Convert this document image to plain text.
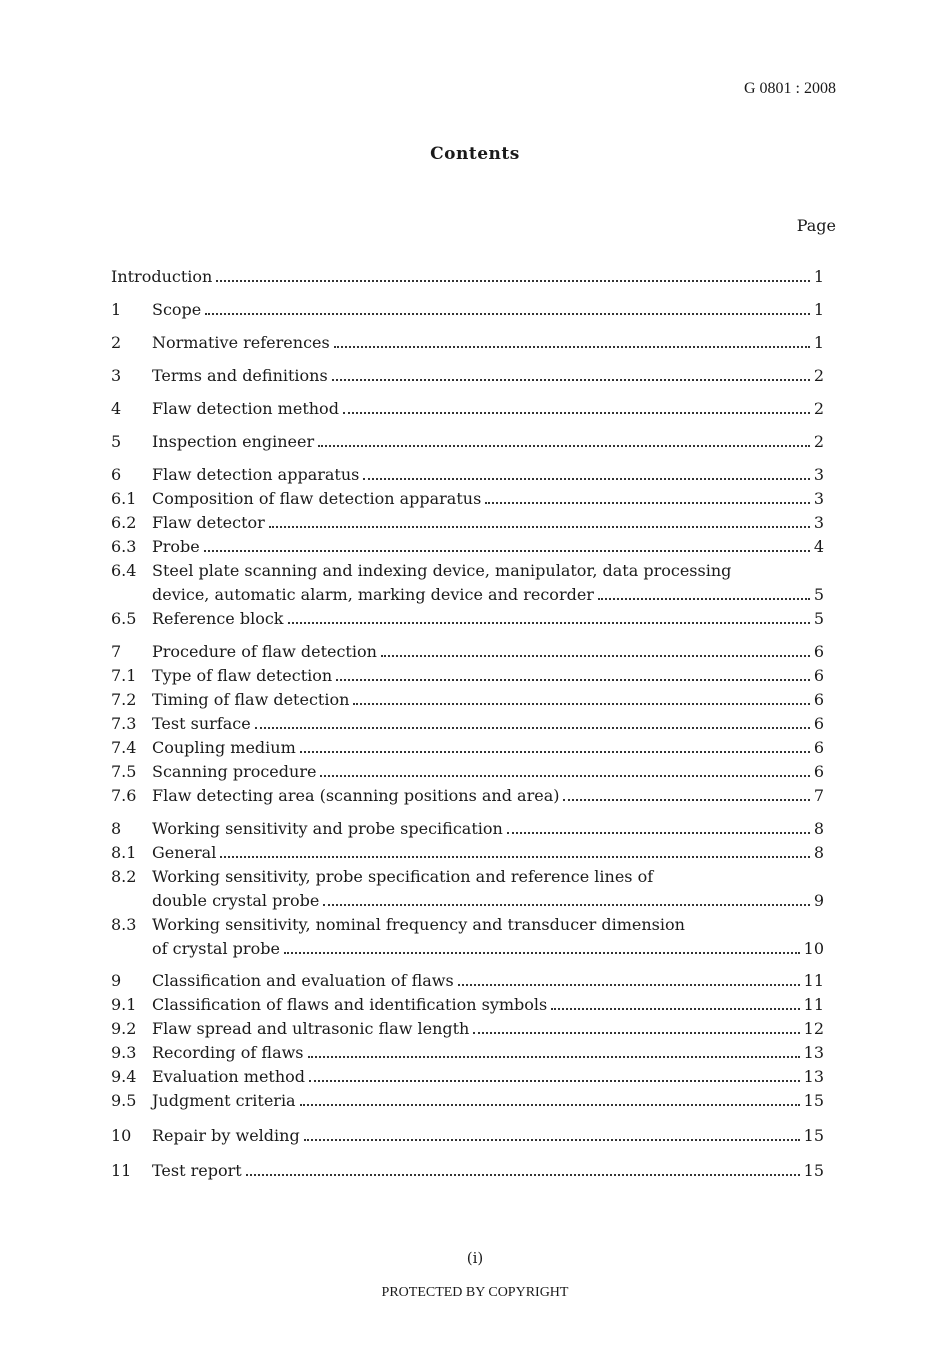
G 0801 : 2008
Contents
Page
Introduction	1
1	Scope	1
2	Normative references	1
3	Terms and definitions	2
4	Flaw detection method	2
5	Inspection engineer	2
6	Flaw detection apparatus	3
6.1 Composition of flaw detection apparatus	3
6.2 Flaw detector	3
6.3 Probe	4
6.4 Steel plate scanning and indexing device, manipulator, data processing
device, automatic alarm, marking device and recorder	5
6.5 Reference block	5
7	Procedure of flaw detection	6
7.1 Type of flaw detection	6
7.2 Timing of flaw detection	6
7.3 Test surface	6
7.4 Coupling medium	6
7.5 Scanning procedure	6
7.6 Flaw detecting area (scanning positions and area)	7
8	Working sensitivity and probe specification	8
8.1 General	8
8.2 Working sensitivity, probe specification and reference lines of
double crystal probe	9
8.3 Working sensitivity, nominal frequency and transducer dimension
of crystal probe	10
9	Classification and evaluation of flaws	11
9.1 Classification of flaws and identification symbols	11
9.2 Flaw spread and ultrasonic flaw length	12
9.3 Recording of flaws	13
9.4 Evaluation method	13
9.5 Judgment criteria	15
10	Repair by welding	15
11	Test report	15
(i)
PROTECTED BY COPYRIGHT
